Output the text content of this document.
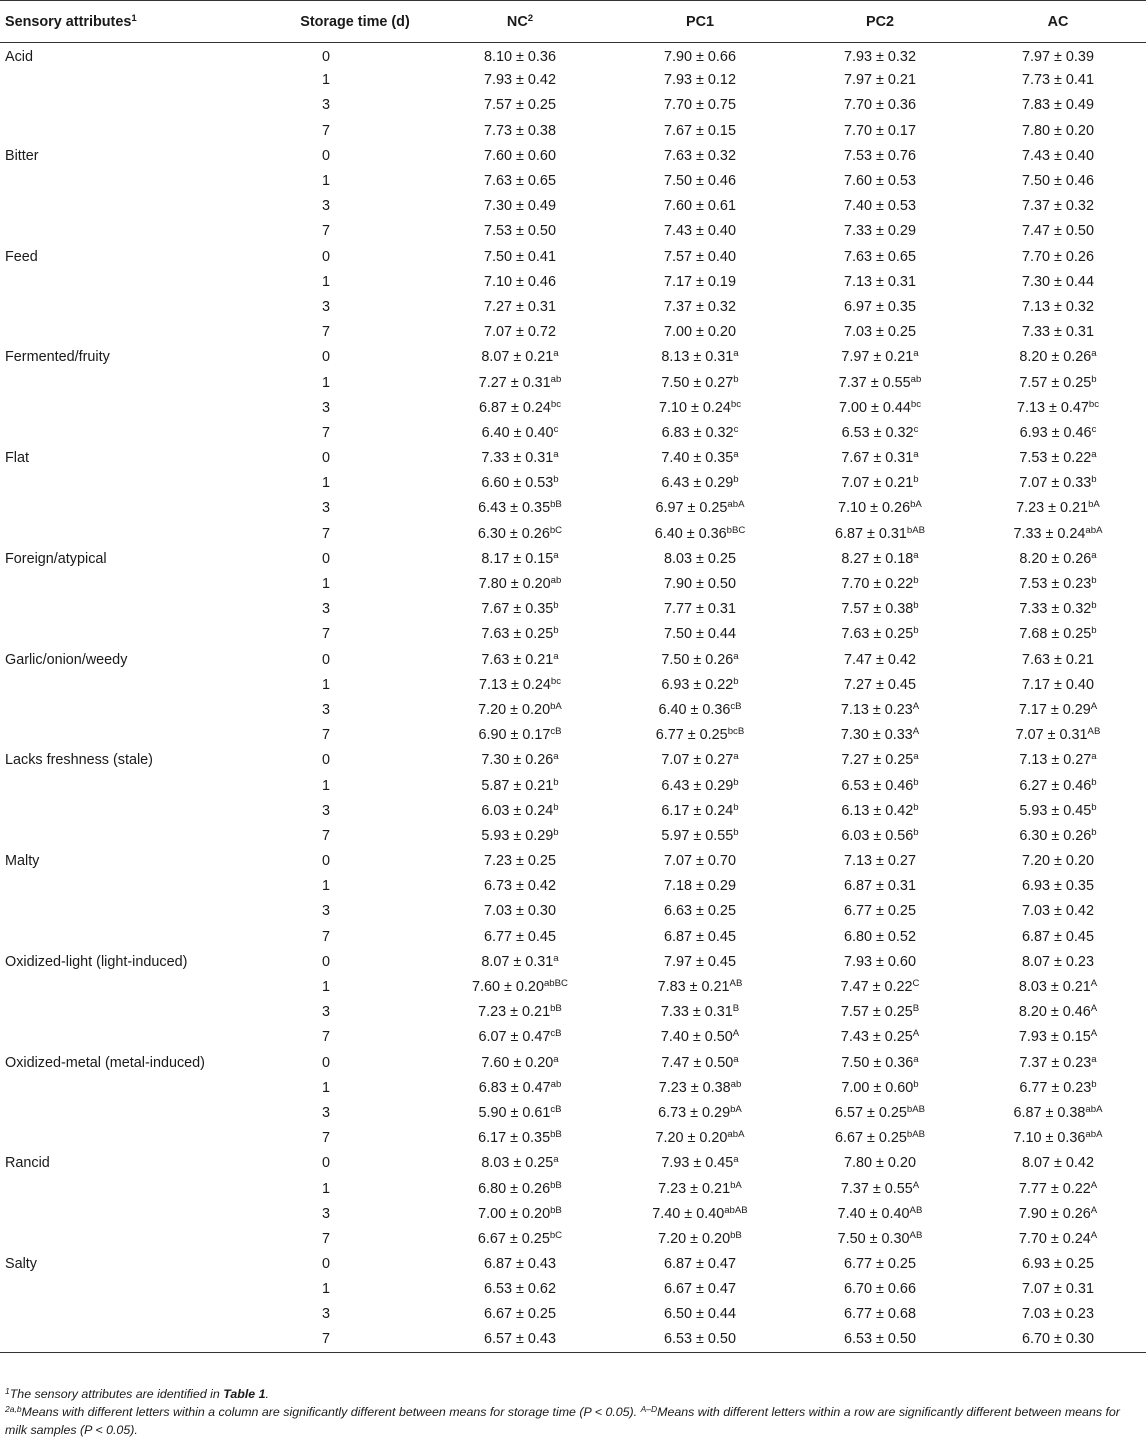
Sensory attributes$^1$	Storage time (d)	$NC^2$	PC1	PC2	AC
Acid	0	8.10 ± 0.36	7.90 ± 0.66	7.93 ± 0.32	7.97 ± 0.39
	1	7.93 ± 0.42	7.93 ± 0.12	7.97 ± 0.21	7.73 ± 0.41
	3	7.57 ± 0.25	7.70 ± 0.75	7.70 ± 0.36	7.83 ± 0.49
	7	7.73 ± 0.38	7.67 ± 0.15	7.70 ± 0.17	7.80 ± 0.20
Bitter	0	7.60 ± 0.60	7.63 ± 0.32	7.53 ± 0.76	7.43 ± 0.40
	1	7.63 ± 0.65	7.50 ± 0.46	7.60 ± 0.53	7.50 ± 0.46
	3	7.30 ± 0.49	7.60 ± 0.61	7.40 ± 0.53	7.37 ± 0.32
	7	7.53 ± 0.50	7.43 ± 0.40	7.33 ± 0.29	7.47 ± 0.50
Feed	0	7.50 ± 0.41	7.57 ± 0.40	7.63 ± 0.65	7.70 ± 0.26
	1	7.10 ± 0.46	7.17 ± 0.19	7.13 ± 0.31	7.30 ± 0.44
	3	7.27 ± 0.31	7.37 ± 0.32	6.97 ± 0.35	7.13 ± 0.32
	7	7.07 ± 0.72	7.00 ± 0.20	7.03 ± 0.25	7.33 ± 0.31
Fermented/fruity	0	8.07 ± 0.21$^a$	8.13 ± 0.31$^a$	7.97 ± 0.21$^a$	8.20 ± 0.26$^a$
	1	7.27 ± 0.31$^{ab}$	7.50 ± 0.27$^b$	7.37 ± 0.55$^{ab}$	7.57 ± 0.25$^b$
	3	6.87 ± 0.24$^{bc}$	7.10 ± 0.24$^{bc}$	7.00 ± 0.44$^{bc}$	7.13 ± 0.47$^{bc}$
	7	6.40 ± 0.40$^c$	6.83 ± 0.32$^c$	6.53 ± 0.32$^c$	6.93 ± 0.46$^c$
Flat	0	7.33 ± 0.31$^a$	7.40 ± 0.35$^a$	7.67 ± 0.31$^a$	7.53 ± 0.22$^a$
	1	6.60 ± 0.53$^b$	6.43 ± 0.29$^b$	7.07 ± 0.21$^b$	7.07 ± 0.33$^b$
	3	$6.43 \pm 0.35^{bB}$	$6.97 \pm 0.25^{abA}$	$7.10 \pm 0.26^{bA}$	$7.23 \pm 0.21^{bA}$
	7	$6.30 \pm 0.26^{bC}$	$6.40 \pm 0.36^{bBC}$	$6.87 \pm 0.31^{bAB}$	$7.33 \pm 0.24^{abA}$
Foreign/atypical	0	8.17 ± 0.15$^a$	8.03 ± 0.25	8.27 ± 0.18$^a$	8.20 ± 0.26$^a$
	1	7.80 ± 0.20$^{ab}$	7.90 ± 0.50	7.70 ± 0.22$^b$	7.53 ± 0.23$^b$
	3	7.67 ± 0.35$^b$	7.77 ± 0.31	7.57 ± 0.38$^b$	7.33 ± 0.32$^b$
	7	7.63 ± 0.25$^b$	7.50 ± 0.44	7.63 ± 0.25$^b$	7.68 ± 0.25$^b$
Garlic/onion/weedy	0	7.63 ± 0.21$^a$	7.50 ± 0.26$^a$	7.47 ± 0.42	7.63 ± 0.21
	1	7.13 ± 0.24$^{bc}$	6.93 ± 0.22$^b$	7.27 ± 0.45	7.17 ± 0.40
	3	$7.20 \pm 0.20^{bA}$	$6.40 \pm 0.36^{cB}$	$7.13 \pm 0.23^A$	$7.17 \pm 0.29^A$
	7	$6.90 \pm 0.17^{cB}$	$6.77 \pm 0.25^{bcB}$	$7.30 \pm 0.33^A$	$7.07 \pm 0.31^{AB}$
Lacks freshness (stale)	0	7.30 ± 0.26$^a$	7.07 ± 0.27$^a$	7.27 ± 0.25$^a$	7.13 ± 0.27$^a$
	1	5.87 ± 0.21$^b$	6.43 ± 0.29$^b$	6.53 ± 0.46$^b$	6.27 ± 0.46$^b$
	3	6.03 ± 0.24$^b$	6.17 ± 0.24$^b$	6.13 ± 0.42$^b$	5.93 ± 0.45$^b$
	7	5.93 ± 0.29$^b$	5.97 ± 0.55$^b$	6.03 ± 0.56$^b$	6.30 ± 0.26$^b$
Malty	0	7.23 ± 0.25	7.07 ± 0.70	7.13 ± 0.27	7.20 ± 0.20
	1	6.73 ± 0.42	7.18 ± 0.29	6.87 ± 0.31	6.93 ± 0.35
	3	7.03 ± 0.30	6.63 ± 0.25	6.77 ± 0.25	7.03 ± 0.42
	7	6.77 ± 0.45	6.87 ± 0.45	6.80 ± 0.52	6.87 ± 0.45
Oxidized-light (light-induced)	0	8.07 ± 0.31$^a$	7.97 ± 0.45	7.93 ± 0.60	8.07 ± 0.23
	1	$7.60 \pm 0.20^{abBC}$	$7.83 \pm 0.21^{AB}$	$7.47 \pm 0.22^C$	$8.03 \pm 0.21^A$
	3	$7.23 \pm 0.21^{bB}$	$7.33 \pm 0.31^B$	$7.57 \pm 0.25^B$	$8.20 \pm 0.46^A$
	7	$6.07 \pm 0.47^{cB}$	$7.40 \pm 0.50^A$	$7.43 \pm 0.25^A$	$7.93 \pm 0.15^A$
Oxidized-metal (metal-induced)	0	7.60 ± 0.20$^a$	7.47 ± 0.50$^a$	7.50 ± 0.36$^a$	7.37 ± 0.23$^a$
	1	6.83 ± 0.47$^{ab}$	7.23 ± 0.38$^{ab}$	7.00 ± 0.60$^b$	6.77 ± 0.23$^b$
	3	$5.90 \pm 0.61^{cB}$	$6.73 \pm 0.29^{bA}$	$6.57 \pm 0.25^{bAB}$	$6.87 \pm 0.38^{abA}$
	7	$6.17 \pm 0.35^{bB}$	$7.20 \pm 0.20^{abA}$	$6.67 \pm 0.25^{bAB}$	$7.10 \pm 0.36^{abA}$
Rancid	0	8.03 ± 0.25$^a$	7.93 ± 0.45$^a$	7.80 ± 0.20	8.07 ± 0.42
	1	$6.80 \pm 0.26^{bB}$	$7.23 \pm 0.21^{bA}$	$7.37 \pm 0.55^A$	$7.77 \pm 0.22^A$
	3	$7.00 \pm 0.20^{bB}$	$7.40 \pm 0.40^{abAB}$	$7.40 \pm 0.40^{AB}$	$7.90 \pm 0.26^A$
	7	$6.67 \pm 0.25^{bC}$	$7.20 \pm 0.20^{bB}$	$7.50 \pm 0.30^{AB}$	$7.70 \pm 0.24^A$
Salty	0	6.87 ± 0.43	6.87 ± 0.47	6.77 ± 0.25	6.93 ± 0.25
	1	6.53 ± 0.62	6.67 ± 0.47	6.70 ± 0.66	7.07 ± 0.31
	3	6.67 ± 0.25	6.50 ± 0.44	6.77 ± 0.68	7.03 ± 0.23
	7	6.57 ± 0.43	6.53 ± 0.50	6.53 ± 0.50	6.70 ± 0.30
$^1$The sensory attributes are identified in Table 1.
$^{2a,b}$Means with different letters within a column are significantly different between means for storage time (P < 0.05). $^{A-D}$Means with different letters within a row are significantly different between means for milk samples (P < 0.05).
